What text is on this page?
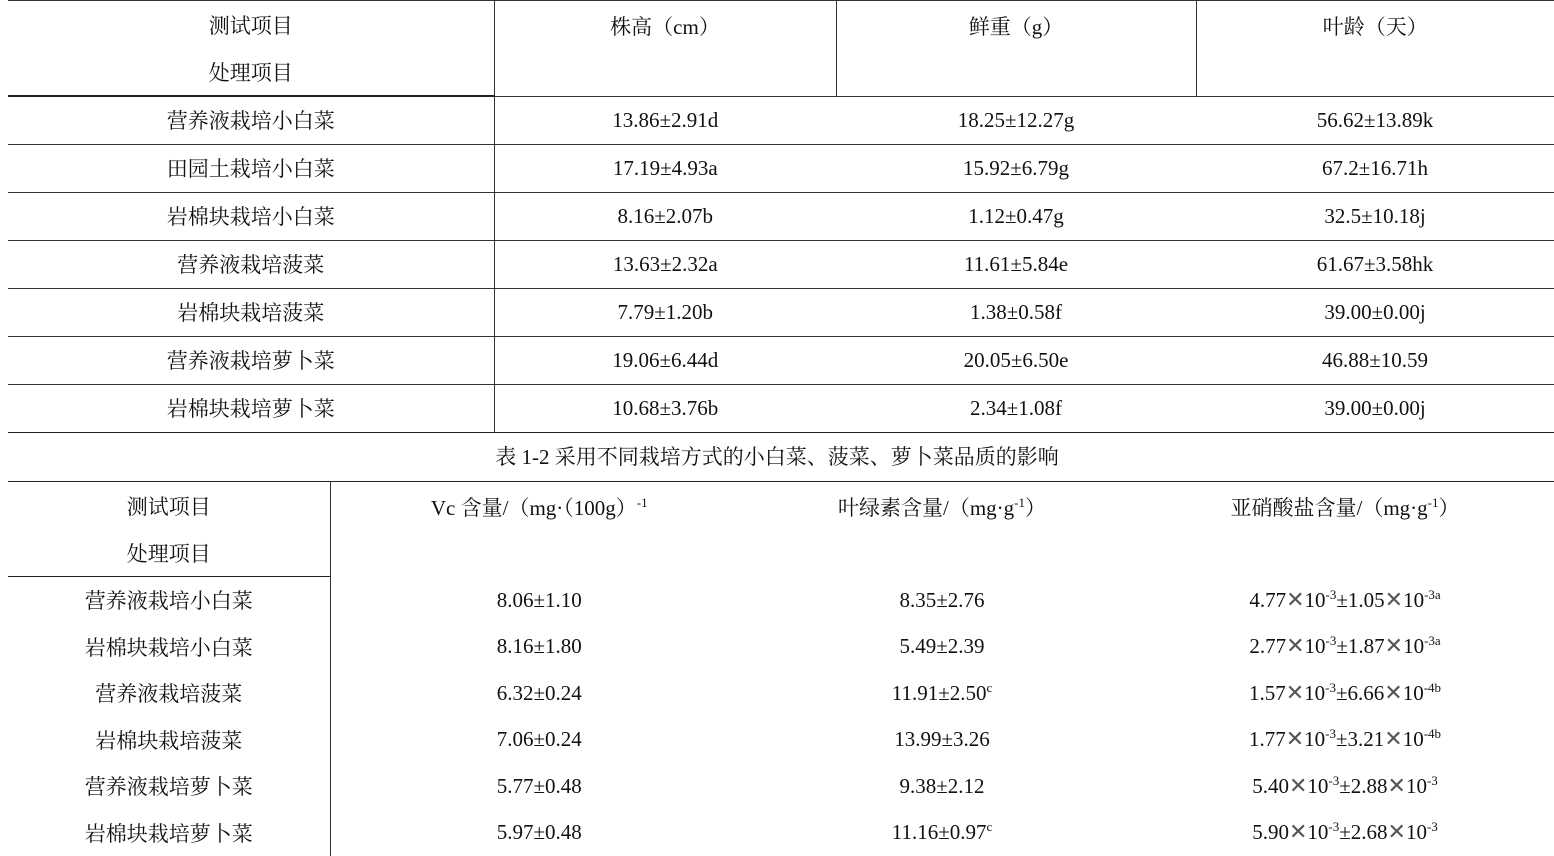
测试项目	株高（cm）	鲜重（g）	叶龄（天）
处理项目			
营养液栽培小白菜	13.86±2.91d	18.25±12.27g	56.62±13.89k
田园土栽培小白菜	17.19±4.93a	15.92±6.79g	67.2±16.71h
岩棉块栽培小白菜	8.16±2.07b	1.12±0.47g	32.5±10.18j
营养液栽培菠菜	13.63±2.32a	11.61±5.84e	61.67±3.58hk
岩棉块栽培菠菜	7.79±1.20b	1.38±0.58f	39.00±0.00j
营养液栽培萝卜菜	19.06±6.44d	20.05±6.50e	46.88±10.59
岩棉块栽培萝卜菜	10.68±3.76b	2.34±1.08f	39.00±0.00j
表 1-2 采用不同栽培方式的小白菜、菠菜、萝卜菜品质的影响
测试项目	Vc 含量$/(mg\cdot(100g)^{-1}$	叶绿素含量$/(mg\cdot g^{-1})$	亚硝酸盐含量$/(mg\cdot g^{-1})$
处理项目			
营养液栽培小白菜	8.06±1.10	8.35±2.76	$4.77✕10^{-3}\pm 1.05✕10^{-3a}$
岩棉块栽培小白菜	8.16±1.80	5.49±2.39	$2.77✕10^{-3}\pm 1.87✕10^{-3a}$
营养液栽培菠菜	6.32±0.24	11.91±2.50$^c$	$1.57✕10^{-3}\pm 6.66✕10^{-4b}$
岩棉块栽培菠菜	7.06±0.24	13.99±3.26	$1.77✕10^{-3}\pm 3.21✕10^{-4b}$
营养液栽培萝卜菜	5.77±0.48	9.38±2.12	$5.40✕10^{-3}\pm 2.88✕10^{-3}$
岩棉块栽培萝卜菜	5.97±0.48	11.16±0.97$^c$	$5.90✕10^{-3}\pm 2.68✕10^{-3}$
